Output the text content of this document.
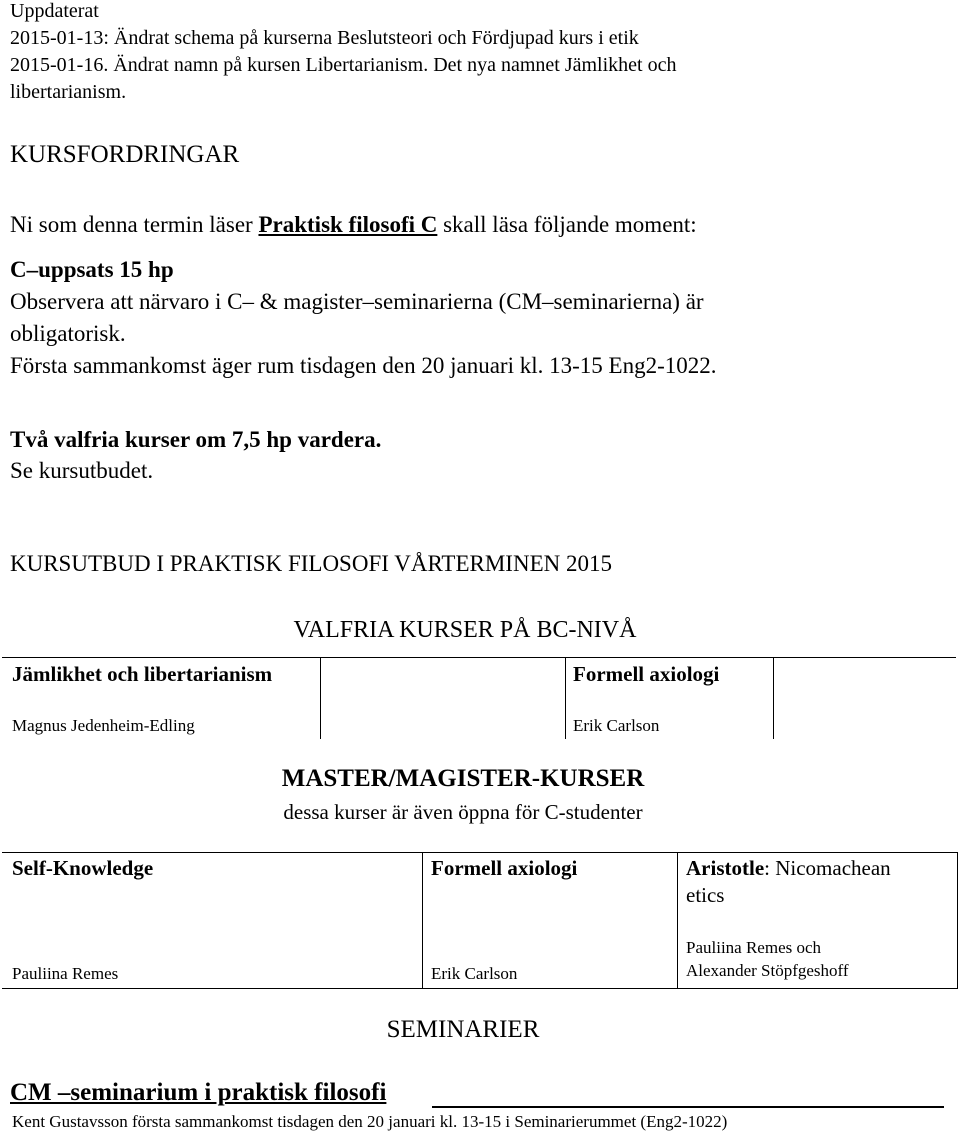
Uppdaterat
2015-01-13: Ändrat schema på kurserna Beslutsteori och Fördjupad kurs i etik
2015-01-16. Ändrat namn på kursen Libertarianism. Det nya namnet Jämlikhet och
libertarianism.
KURSFORDRINGAR
Ni som denna termin läser Praktisk filosofi C skall läsa följande moment:
C–uppsats 15 hp
Observera att närvaro i C– & magister–seminarierna (CM–seminarierna) är
obligatorisk.
Första sammankomst äger rum tisdagen den 20 januari kl. 13-15 Eng2-1022.
Två valfria kurser om 7,5 hp vardera.
Se kursutbudet.
KURSUTBUD I PRAKTISK FILOSOFI VÅRTERMINEN 2015
VALFRIA KURSER PÅ BC-NIVÅ
Jämlikhet och libertarianism
Magnus Jedenheim-Edling
Formell axiologi
Erik Carlson
MASTER/MAGISTER-KURSER
dessa kurser är även öppna för C-studenter
Self-Knowledge
Pauliina Remes
Formell axiologi
Erik Carlson
Aristotle: Nicomachean
etics
Pauliina Remes och
Alexander Stöpfgeshoff
SEMINARIER
CM –seminarium i praktisk filosofi
Kent Gustavsson första sammankomst tisdagen den 20 januari kl. 13-15 i Seminarierummet (Eng2-1022)
